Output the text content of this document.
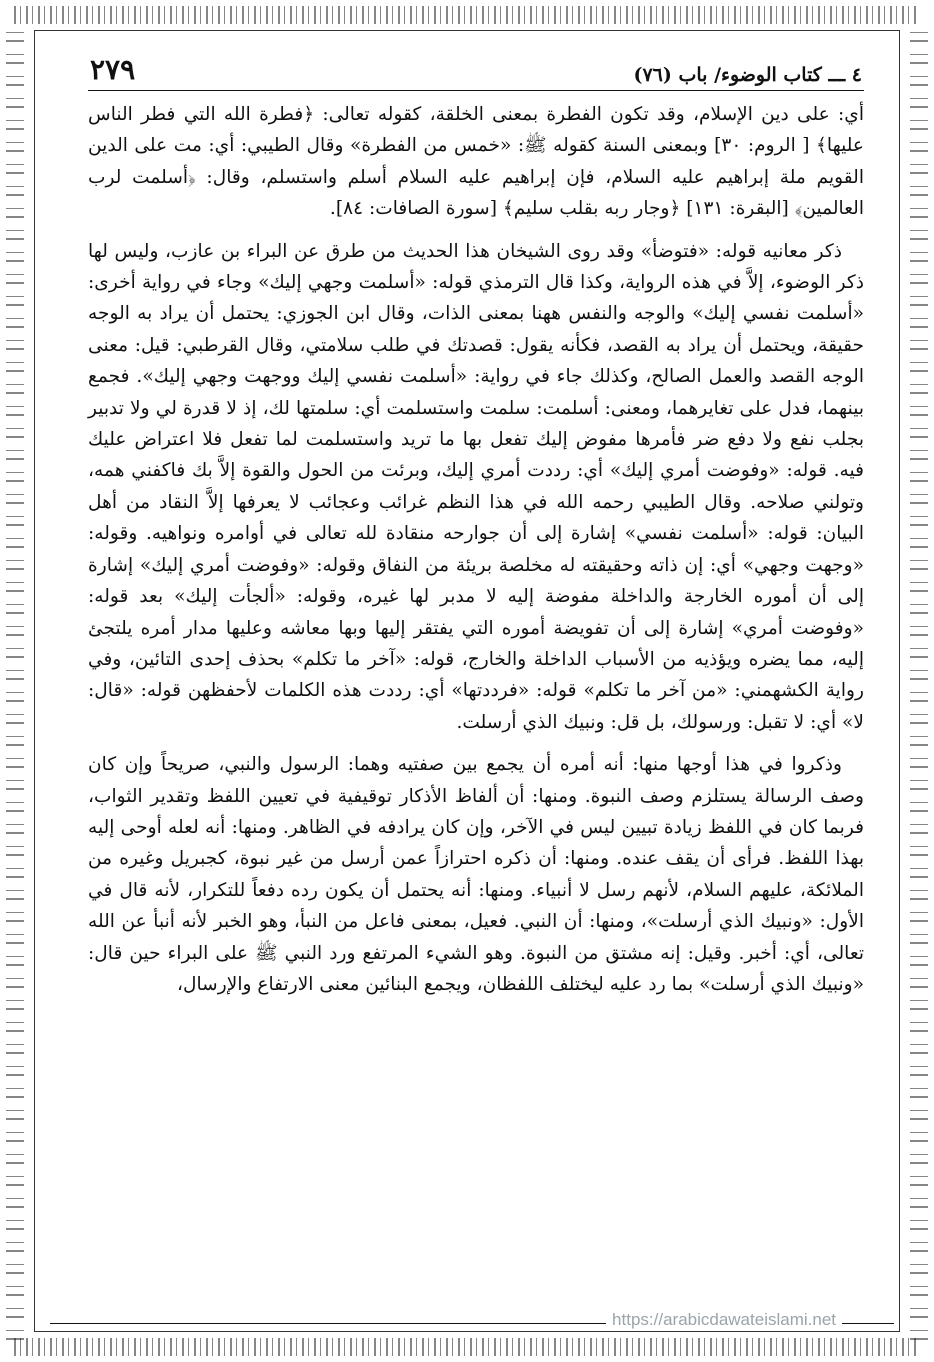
٤ ـــ كتاب الوضوء/ باب (٧٦)
٢٧٩

أي: على دين الإسلام، وقد تكون الفطرة بمعنى الخلقة، كقوله تعالى: ﴿فطرة الله التي فطر الناس عليها﴾ [ الروم: ٣٠] وبمعنى السنة كقوله ﷺ: «خمس من الفطرة» وقال الطيبي: أي: مت على الدين القويم ملة إبراهيم عليه السلام، فإن إبراهيم عليه السلام أسلم واستسلم، وقال: ﴿أسلمت لرب العالمين﴾ [البقرة: ١٣١] ﴿وجار ربه بقلب سليم﴾ [سورة الصافات: ٨٤].

ذكر معانيه قوله: «فتوضأ» وقد روى الشيخان هذا الحديث من طرق عن البراء بن عازب، وليس لها ذكر الوضوء، إلاَّ في هذه الرواية، وكذا قال الترمذي قوله: «أسلمت وجهي إليك» وجاء في رواية أخرى: «أسلمت نفسي إليك» والوجه والنفس ههنا بمعنى الذات، وقال ابن الجوزي: يحتمل أن يراد به الوجه حقيقة، ويحتمل أن يراد به القصد، فكأنه يقول: قصدتك في طلب سلامتي، وقال القرطبي: قيل: معنى الوجه القصد والعمل الصالح، وكذلك جاء في رواية: «أسلمت نفسي إليك ووجهت وجهي إليك». فجمع بينهما، فدل على تغايرهما، ومعنى: أسلمت: سلمت واستسلمت أي: سلمتها لك، إذ لا قدرة لي ولا تدبير بجلب نفع ولا دفع ضر فأمرها مفوض إليك تفعل بها ما تريد واستسلمت لما تفعل فلا اعتراض عليك فيه. قوله: «وفوضت أمري إليك» أي: رددت أمري إليك، وبرئت من الحول والقوة إلاَّ بك فاكفني همه، وتولني صلاحه. وقال الطيبي رحمه الله في هذا النظم غرائب وعجائب لا يعرفها إلاَّ النقاد من أهل البيان: قوله: «أسلمت نفسي» إشارة إلى أن جوارحه منقادة لله تعالى في أوامره ونواهيه. وقوله: «وجهت وجهي» أي: إن ذاته وحقيقته له مخلصة بريئة من النفاق وقوله: «وفوضت أمري إليك» إشارة إلى أن أموره الخارجة والداخلة مفوضة إليه لا مدبر لها غيره، وقوله: «ألجأت إليك» بعد قوله: «وفوضت أمري» إشارة إلى أن تفويضة أموره التي يفتقر إليها وبها معاشه وعليها مدار أمره يلتجئ إليه، مما يضره ويؤذيه من الأسباب الداخلة والخارج، قوله: «آخر ما تكلم» بحذف إحدى التائين، وفي رواية الكشهمني: «من آخر ما تكلم» قوله: «فرددتها» أي: رددت هذه الكلمات لأحفظهن قوله: «قال: لا» أي: لا تقبل: ورسولك، بل قل: ونبيك الذي أرسلت.

وذكروا في هذا أوجها منها: أنه أمره أن يجمع بين صفتيه وهما: الرسول والنبي، صريحاً وإن كان وصف الرسالة يستلزم وصف النبوة. ومنها: أن ألفاظ الأذكار توقيفية في تعيين اللفظ وتقدير الثواب، فربما كان في اللفظ زيادة تبيين ليس في الآخر، وإن كان يرادفه في الظاهر. ومنها: أنه لعله أوحى إليه بهذا اللفظ. فرأى أن يقف عنده. ومنها: أن ذكره احترازاً عمن أرسل من غير نبوة، كجبريل وغيره من الملائكة، عليهم السلام، لأنهم رسل لا أنبياء. ومنها: أنه يحتمل أن يكون رده دفعاً للتكرار، لأنه قال في الأول: «ونبيك الذي أرسلت»، ومنها: أن النبي. فعيل، بمعنى فاعل من النبأ، وهو الخبر لأنه أنبأ عن الله تعالى، أي: أخبر. وقيل: إنه مشتق من النبوة. وهو الشيء المرتفع ورد النبي ﷺ على البراء حين قال: «ونبيك الذي أرسلت» بما رد عليه ليختلف اللفظان، ويجمع البنائين معنى الارتفاع والإرسال،

https://arabicdawateislami.net
